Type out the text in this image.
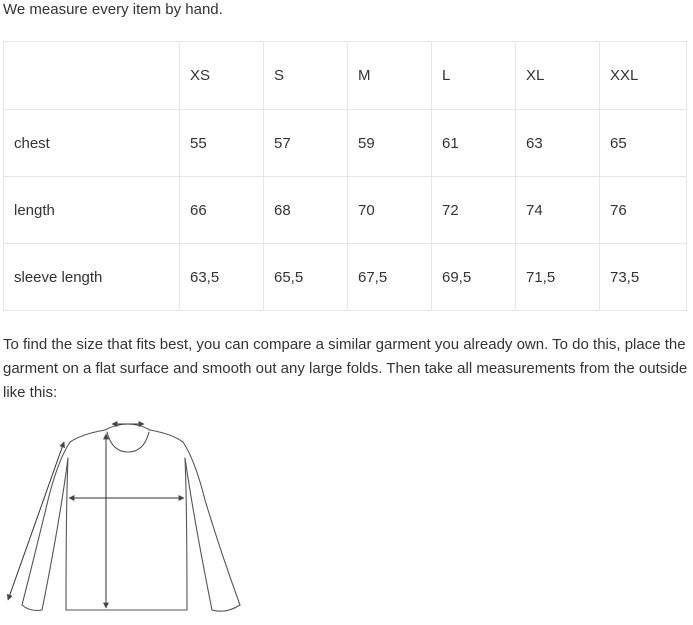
We measure every item by hand.

	XS	S	M	L	XL	XXL
chest	55	57	59	61	63	65
length	66	68	70	72	74	76
sleeve length	63,5	65,5	67,5	69,5	71,5	73,5

To find the size that fits best, you can compare a similar garment you already own. To do this, place the garment on a flat surface and smooth out any large folds. Then take all measurements from the outside like this:
